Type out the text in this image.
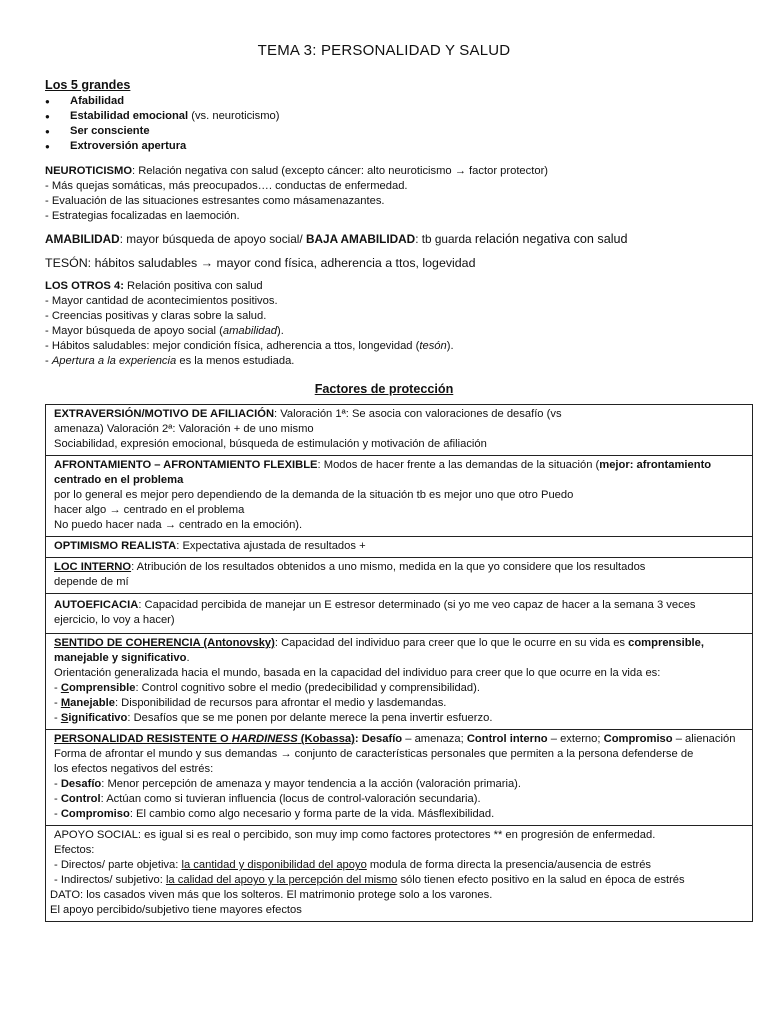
TEMA 3: PERSONALIDAD Y SALUD
Los 5 grandes
● Afabilidad
● Estabilidad emocional (vs. neuroticismo)
● Ser consciente
● Extroversión apertura
NEUROTICISMO: Relación negativa con salud (excepto cáncer: alto neuroticismo → factor protector)
- Más quejas somáticas, más preocupados…. conductas de enfermedad.
- Evaluación de las situaciones estresantes como másamenazantes.
- Estrategias focalizadas en laemoción.
AMABILIDAD: mayor búsqueda de apoyo social/ BAJA AMABILIDAD: tb guarda relación negativa con salud
TESÓN: hábitos saludables → mayor cond física, adherencia a ttos, logevidad
LOS OTROS 4: Relación positiva con salud
- Mayor cantidad de acontecimientos positivos.
- Creencias positivas y claras sobre la salud.
- Mayor búsqueda de apoyo social (amabilidad).
- Hábitos saludables: mejor condición física, adherencia a ttos, longevidad (tesón).
- Apertura a la experiencia es la menos estudiada.
Factores de protección
EXTRAVERSIÓN/MOTIVO DE AFILIACIÓN: Valoración 1ª: Se asocia con valoraciones de desafío (vs
amenaza) Valoración 2ª: Valoración + de uno mismo
Sociabilidad, expresión emocional, búsqueda de estimulación y motivación de afiliación

AFRONTAMIENTO – AFRONTAMIENTO FLEXIBLE: Modos de hacer frente a las demandas de la situación (mejor: afrontamiento centrado en el problema
por lo general es mejor pero dependiendo de la demanda de la situación tb es mejor uno que otro Puedo
hacer algo → centrado en el problema
No puedo hacer nada → centrado en la emoción).

OPTIMISMO REALISTA: Expectativa ajustada de resultados +

LOC INTERNO: Atribución de los resultados obtenidos a uno mismo, medida en la que yo considere que los resultados
depende de mí

AUTOEFICACIA: Capacidad percibida de manejar un E estresor determinado (si yo me veo capaz de hacer a la semana 3 veces
ejercicio, lo voy a hacer)

SENTIDO DE COHERENCIA (Antonovsky): Capacidad del individuo para creer que lo que le ocurre en su vida es comprensible,
manejable y significativo.
Orientación generalizada hacia el mundo, basada en la capacidad del individuo para creer que lo que ocurre en la vida es:
- Comprensible: Control cognitivo sobre el medio (predecibilidad y comprensibilidad).
- Manejable: Disponibilidad de recursos para afrontar el medio y lasdemandas.
- Significativo: Desafíos que se me ponen por delante merece la pena invertir esfuerzo.

PERSONALIDAD RESISTENTE O HARDINESS (Kobassa): Desafío – amenaza; Control interno – externo; Compromiso – alienación
Forma de afrontar el mundo y sus demandas → conjunto de características personales que permiten a la persona defenderse de
los efectos negativos del estrés:
- Desafío: Menor percepción de amenaza y mayor tendencia a la acción (valoración primaria).
- Control: Actúan como si tuvieran influencia (locus de control-valoración secundaria).
- Compromiso: El cambio como algo necesario y forma parte de la vida. Másflexibilidad.

APOYO SOCIAL: es igual si es real o percibido, son muy imp como factores protectores ** en progresión de enfermedad.
Efectos:
- Directos/ parte objetiva: la cantidad y disponibilidad del apoyo modula de forma directa la presencia/ausencia de estrés
- Indirectos/ subjetivo: la calidad del apoyo y la percepción del mismo sólo tienen efecto positivo en la salud en época de estrés
DATO: los casados viven más que los solteros. El matrimonio protege solo a los varones.
El apoyo percibido/subjetivo tiene mayores efectos
